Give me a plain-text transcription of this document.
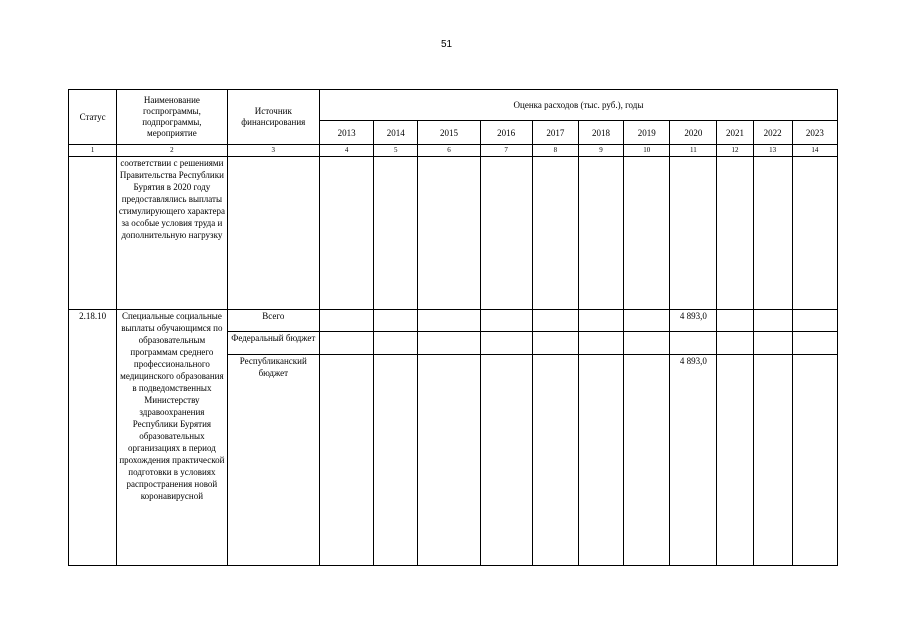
51
Статус	Наименование госпрограммы, подпрограммы, мероприятие	Источник финансирования	Оценка расходов (тыс. руб.), годы										
			2013	2014	2015	2016	2017	2018	2019	2020	2021	2022	2023
1	2	3	4	5	6	7	8	9	10	11	12	13	14
	соответствии с решениями Правительства Республики Бурятия в 2020 году предоставлялись выплаты стимулирующего характера за особые условия труда и дополнительную нагрузку												
2.18.10	Специальные социальные выплаты обучающимся по образовательным программам среднего профессионального медицинского образования в подведомственных Министерству здравоохранения Республики Бурятия образовательных организациях в период прохождения практической подготовки в условиях распространения новой коронавирусной	Всего								4 893,0			
		Федеральный бюджет											
		Республиканский бюджет								4 893,0			
